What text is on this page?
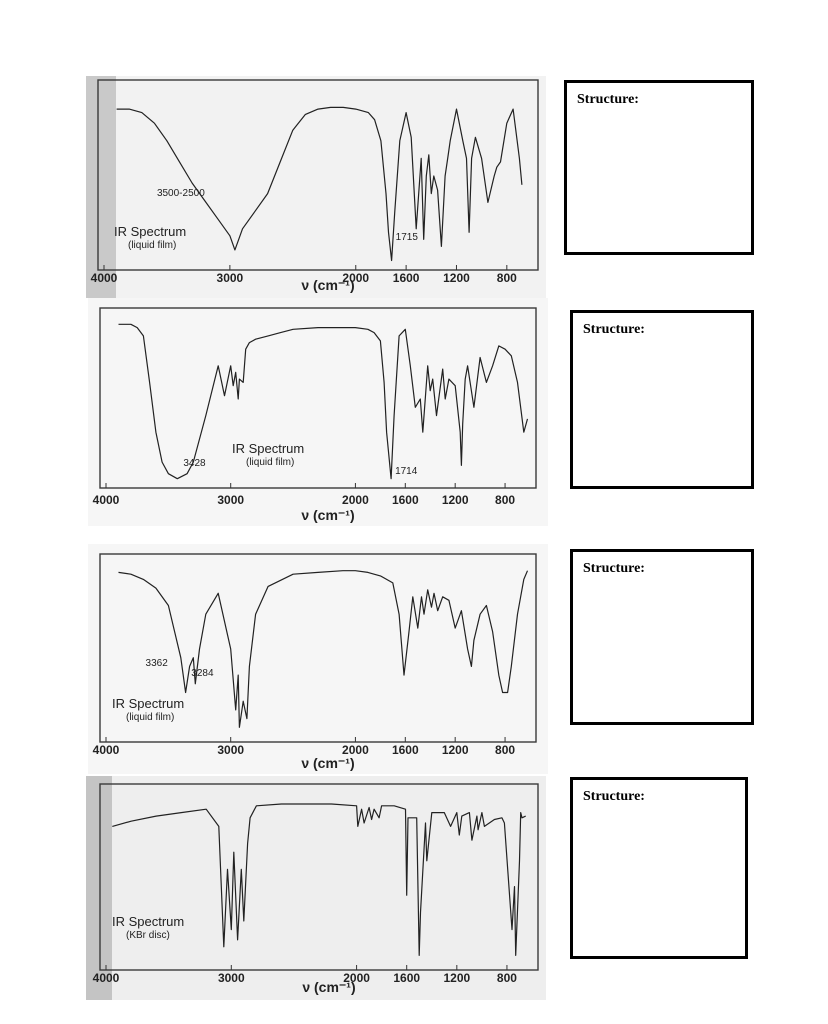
4000	3000	2000 1600 1200 800
ν (cm⁻¹)
IR Spectrum
(liquid film)
3500-2500
1715
4000	3000	2000 1600 1200 800
ν (cm⁻¹)
IR Spectrum
(liquid film)
3428
1714
4000	3000	2000 1600 1200 800
ν (cm⁻¹)
IR Spectrum
(liquid film)
3362
3284
4000	3000	2000 1600 1200 800
ν (cm⁻¹)
IR Spectrum
(KBr disc)
Structure:
Structure:
Structure:
Structure:
